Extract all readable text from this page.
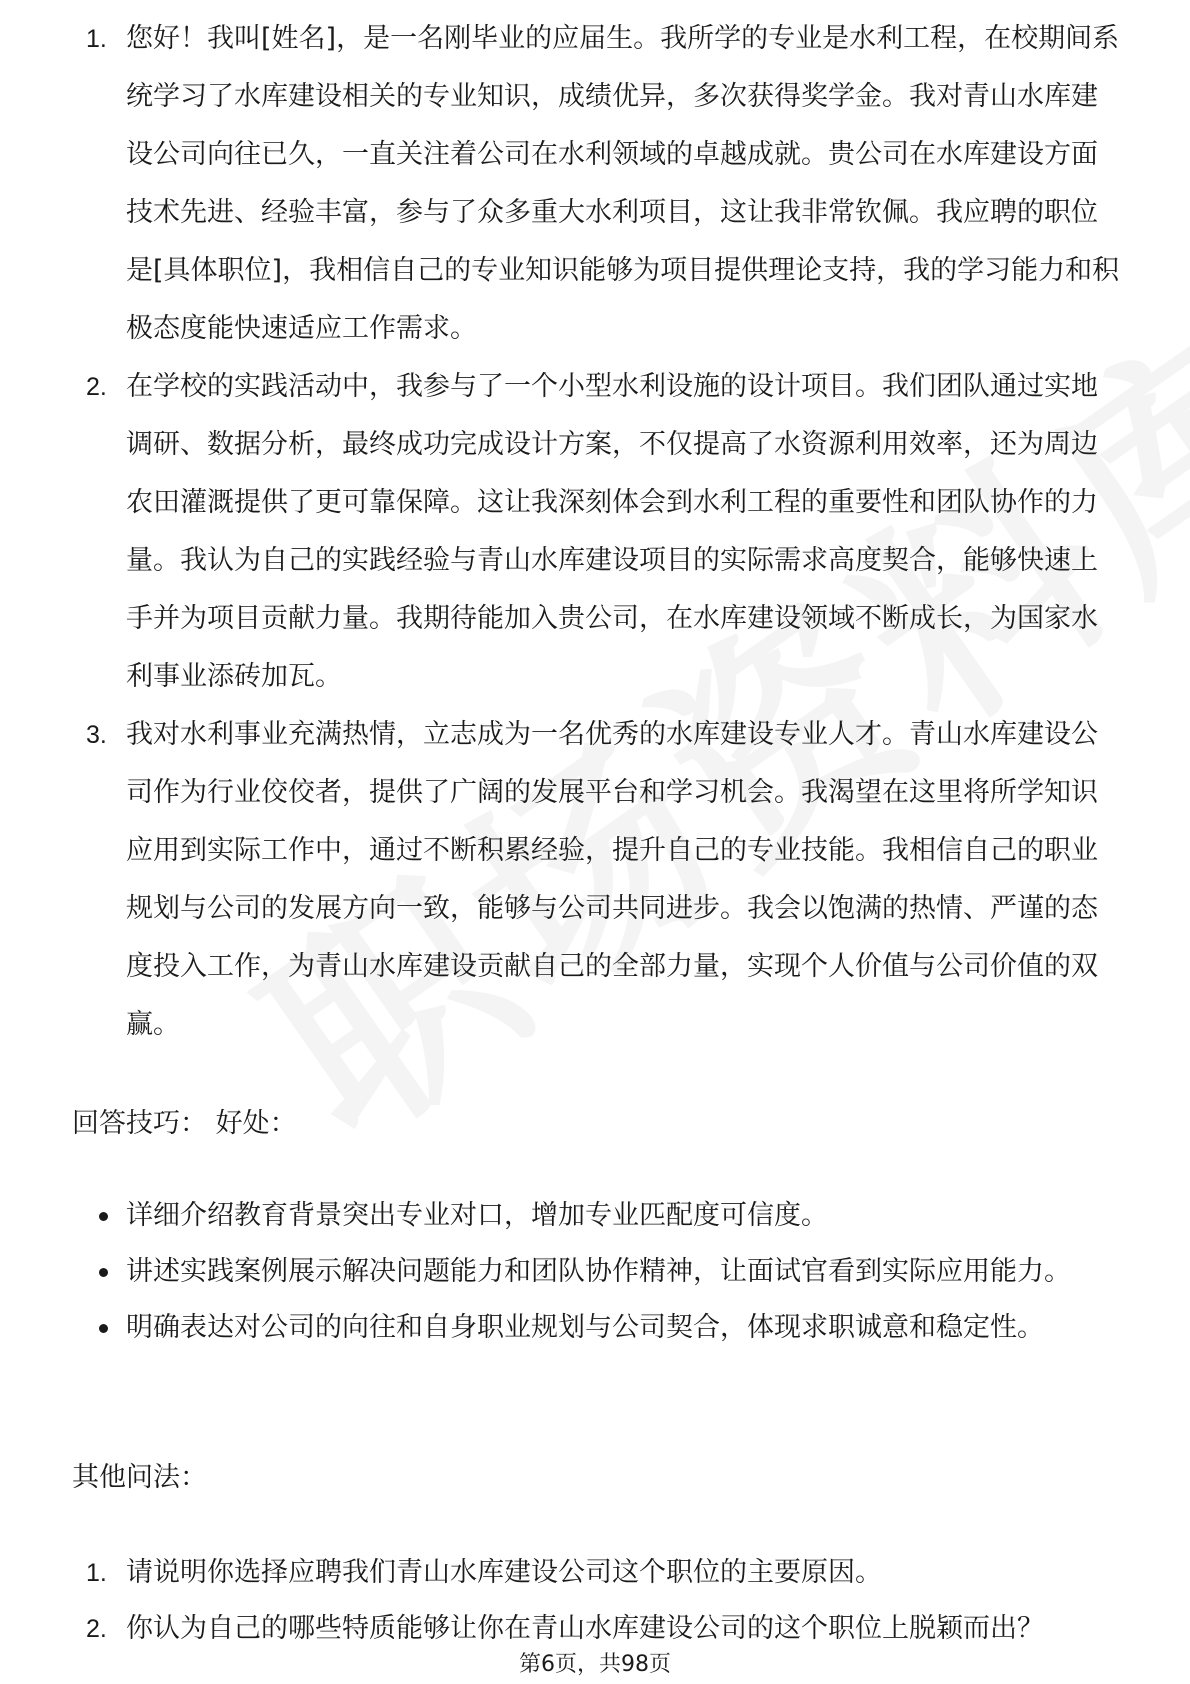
1. 您好！我叫[姓名]，是一名刚毕业的应届生。我所学的专业是水利工程，在校期间系统学习了水库建设相关的专业知识，成绩优异，多次获得奖学金。我对青山水库建设公司向往已久，一直关注着公司在水利领域的卓越成就。贵公司在水库建设方面技术先进、经验丰富，参与了众多重大水利项目，这让我非常钦佩。我应聘的职位是[具体职位]，我相信自己的专业知识能够为项目提供理论支持，我的学习能力和积极态度能快速适应工作需求。
2. 在学校的实践活动中，我参与了一个小型水利设施的设计项目。我们团队通过实地调研、数据分析，最终成功完成设计方案，不仅提高了水资源利用效率，还为周边农田灌溉提供了更可靠保障。这让我深刻体会到水利工程的重要性和团队协作的力量。我认为自己的实践经验与青山水库建设项目的实际需求高度契合，能够快速上手并为项目贡献力量。我期待能加入贵公司，在水库建设领域不断成长，为国家水利事业添砖加瓦。
3. 我对水利事业充满热情，立志成为一名优秀的水库建设专业人才。青山水库建设公司作为行业佼佼者，提供了广阔的发展平台和学习机会。我渴望在这里将所学知识应用到实际工作中，通过不断积累经验，提升自己的专业技能。我相信自己的职业规划与公司的发展方向一致，能够与公司共同进步。我会以饱满的热情、严谨的态度投入工作，为青山水库建设贡献自己的全部力量，实现个人价值与公司价值的双赢。
回答技巧： 好处：
详细介绍教育背景突出专业对口，增加专业匹配度可信度。
讲述实践案例展示解决问题能力和团队协作精神，让面试官看到实际应用能力。
明确表达对公司的向往和自身职业规划与公司契合，体现求职诚意和稳定性。
其他问法：
1. 请说明你选择应聘我们青山水库建设公司这个职位的主要原因。
2. 你认为自己的哪些特质能够让你在青山水库建设公司的这个职位上脱颖而出？
第6页，共98页
